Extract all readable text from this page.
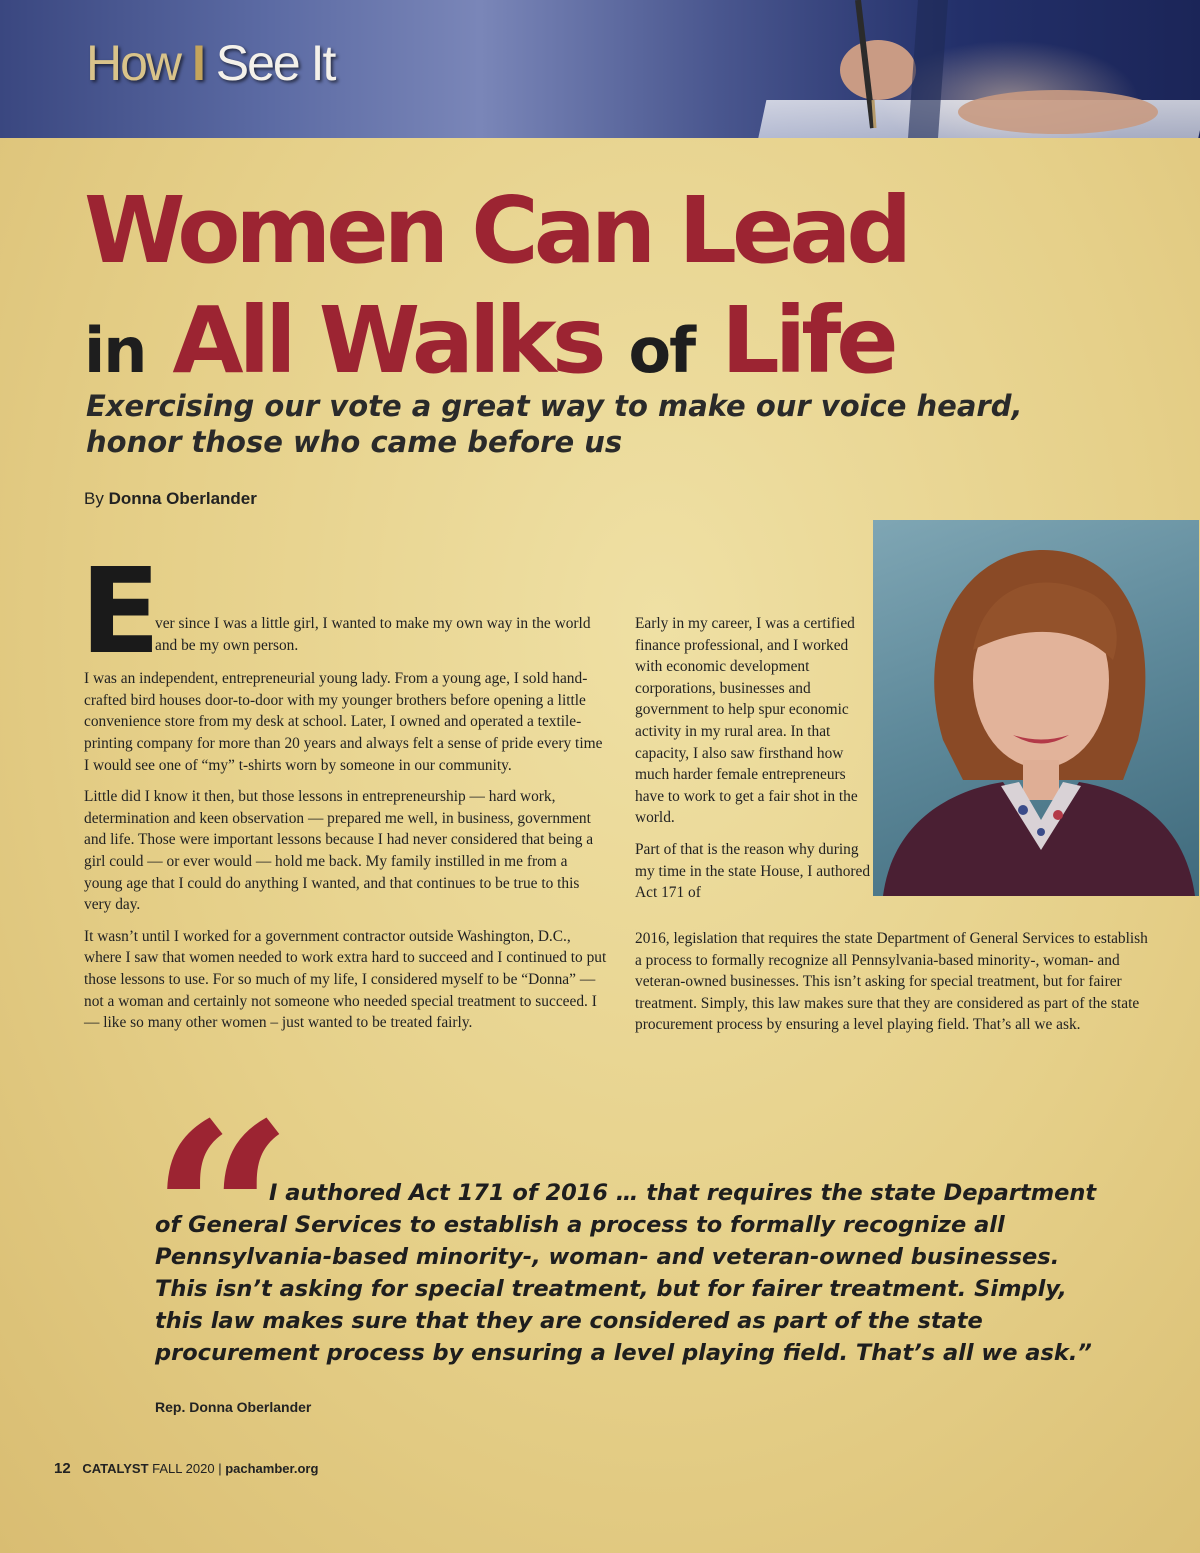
How I See It
Women Can Lead
in All Walks of Life

Exercising our vote a great way to make our voice heard,
honor those who came before us

By Donna Oberlander
E

ver since I was a little girl, I wanted to make my own way in the world and be my own person.

I was an independent, entrepreneurial young lady. From a young age, I sold hand-crafted bird houses door-to-door with my younger brothers before opening a little convenience store from my desk at school. Later, I owned and operated a textile-printing company for more than 20 years and always felt a sense of pride every time I would see one of “my” t-shirts worn by someone in our community.

Little did I know it then, but those lessons in entrepreneurship — hard work, determination and keen observation — prepared me well, in business, government and life. Those were important lessons because I had never considered that being a girl could — or ever would — hold me back. My family instilled in me from a young age that I could do anything I wanted, and that continues to be true to this very day.

It wasn’t until I worked for a government contractor outside Washington, D.C., where I saw that women needed to work extra hard to succeed and I continued to put those lessons to use. For so much of my life, I considered myself to be “Donna” — not a woman and certainly not someone who needed special treatment to succeed. I — like so many other women – just wanted to be treated fairly.

Early in my career, I was a certified finance professional, and I worked with economic development corporations, businesses and government to help spur economic activity in my rural area. In that capacity, I also saw firsthand how much harder female entrepreneurs have to work to get a fair shot in the world.

Part of that is the reason why during my time in the state House, I authored Act 171 of

2016, legislation that requires the state Department of General Services to establish a process to formally recognize all Pennsylvania-based minority-, woman- and veteran-owned businesses. This isn’t asking for special treatment, but for fairer treatment. Simply, this law makes sure that they are considered as part of the state procurement process by ensuring a level playing field. That’s all we ask.

“

I authored Act 171 of 2016 … that requires the state Department
of General Services to establish a process to formally recognize all Pennsylvania-based minority-, woman- and veteran-owned businesses. This isn’t asking for special treatment, but for fairer treatment. Simply, this law makes sure that they are considered as part of the state procurement process by ensuring a level playing field. That’s all we ask.”

Rep. Donna Oberlander
12 CATALYST FALL 2020 | pachamber.org
